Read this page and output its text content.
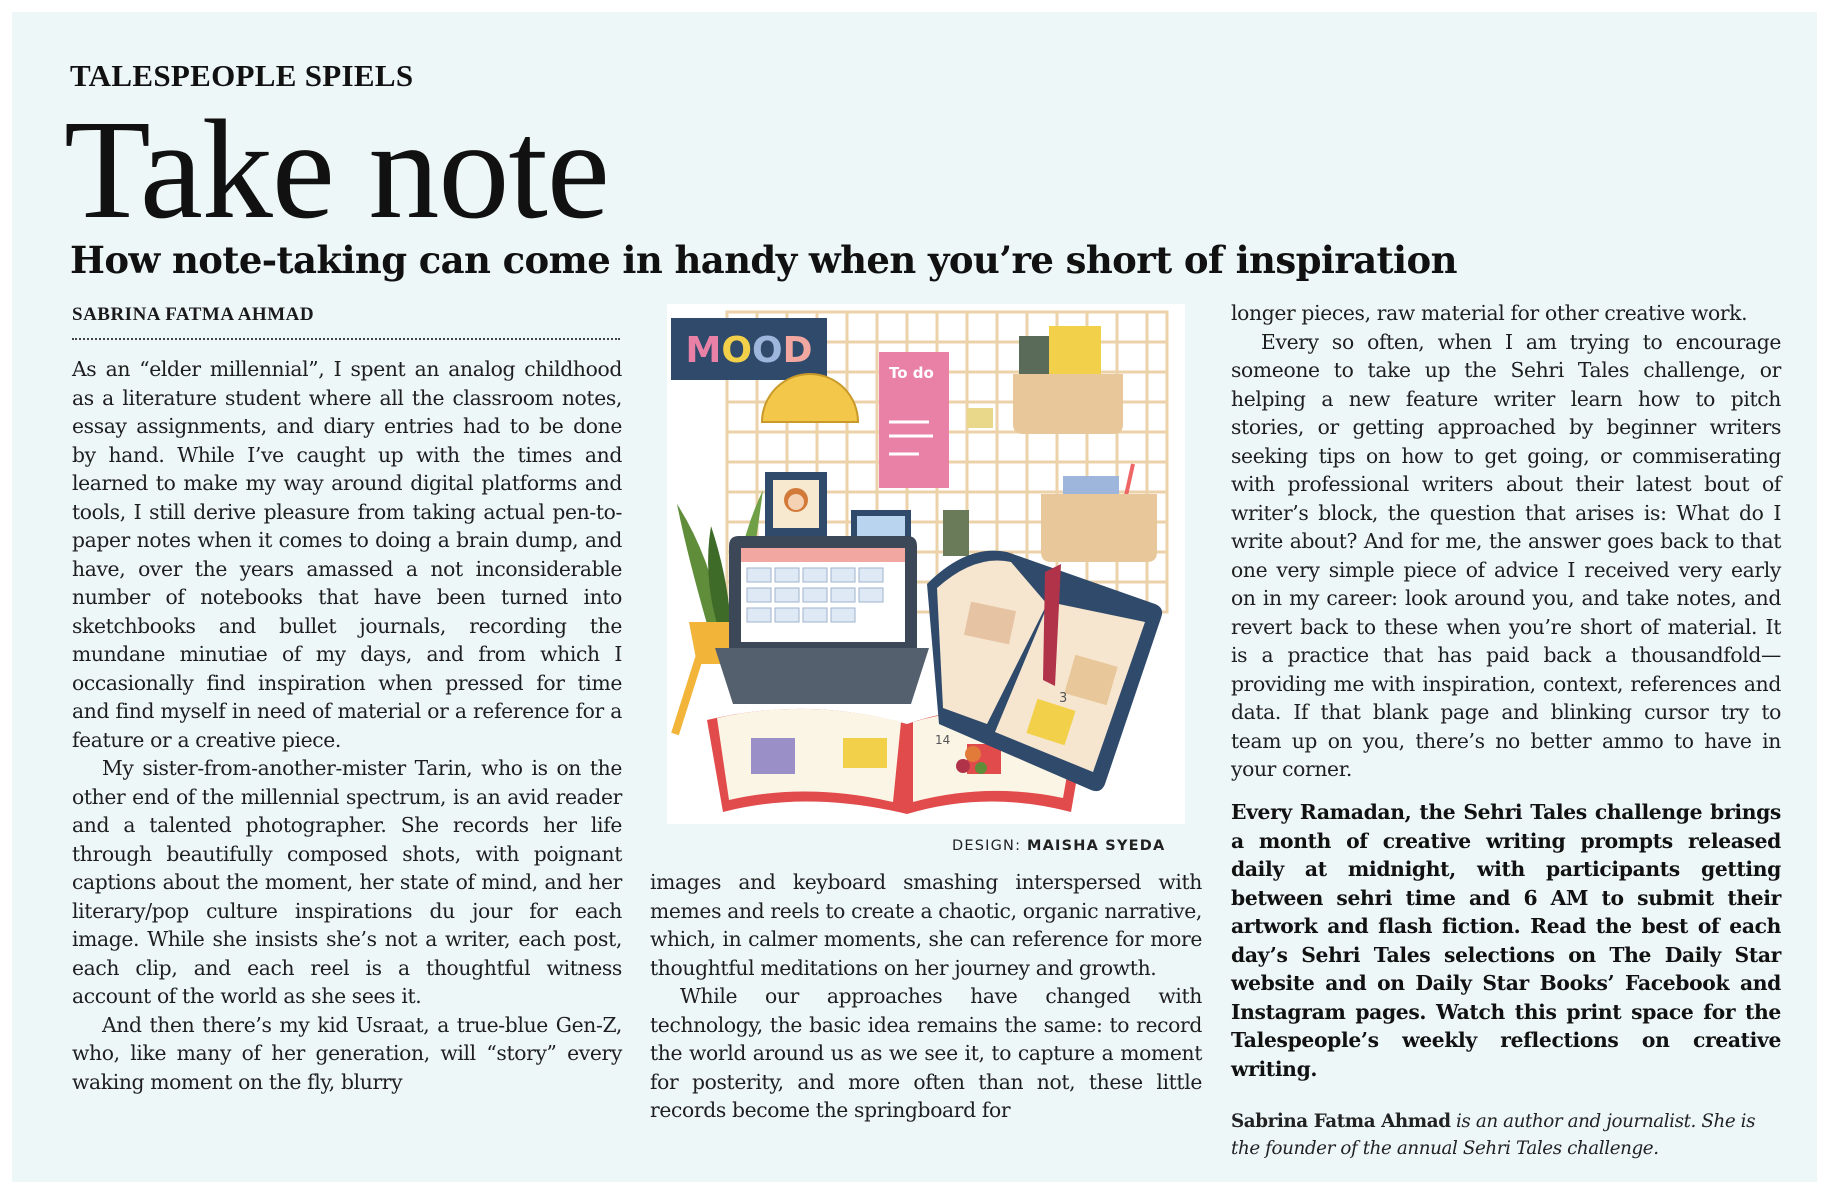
TALESPEOPLE SPIELS
Take note
How note-taking can come in handy when you’re short of inspiration
SABRINA FATMA AHMAD

As an “elder millennial”, I spent an analog childhood as a literature student where all the classroom notes, essay assignments, and diary entries had to be done by hand. While I’ve caught up with the times and learned to make my way around digital platforms and tools, I still derive pleasure from taking actual pen-to-paper notes when it comes to doing a brain dump, and have, over the years amassed a not inconsiderable number of notebooks that have been turned into sketchbooks and bullet journals, recording the mundane minutiae of my days, and from which I occasionally find inspiration when pressed for time and find myself in need of material or a reference for a feature or a creative piece.

My sister-from-another-mister Tarin, who is on the other end of the millennial spectrum, is an avid reader and a talented photographer. She records her life through beautifully composed shots, with poignant captions about the moment, her state of mind, and her literary/pop culture inspirations du jour for each image. While she insists she’s not a writer, each post, each clip, and each reel is a thoughtful witness account of the world as she sees it.

And then there’s my kid Usraat, a true-blue Gen-Z, who, like many of her generation, will “story” every waking moment on the fly, blurry

MOOD
To do
14
3
DESIGN: MAISHA SYEDA

images and keyboard smashing interspersed with memes and reels to create a chaotic, organic narrative, which, in calmer moments, she can reference for more thoughtful meditations on her journey and growth.

While our approaches have changed with technology, the basic idea remains the same: to record the world around us as we see it, to capture a moment for posterity, and more often than not, these little records become the springboard for

longer pieces, raw material for other creative work.

Every so often, when I am trying to encourage someone to take up the Sehri Tales challenge, or helping a new feature writer learn how to pitch stories, or getting approached by beginner writers seeking tips on how to get going, or commiserating with professional writers about their latest bout of writer’s block, the question that arises is: What do I write about? And for me, the answer goes back to that one very simple piece of advice I received very early on in my career: look around you, and take notes, and revert back to these when you’re short of material. It is a practice that has paid back a thousandfold—providing me with inspiration, context, references and data. If that blank page and blinking cursor try to team up on you, there’s no better ammo to have in your corner.

Every Ramadan, the Sehri Tales challenge brings a month of creative writing prompts released daily at midnight, with participants getting between sehri time and 6 AM to submit their artwork and flash fiction. Read the best of each day’s Sehri Tales selections on The Daily Star website and on Daily Star Books’ Facebook and Instagram pages. Watch this print space for the Talespeople’s weekly reflections on creative writing.
Sabrina Fatma Ahmad is an author and journalist. She is the founder of the annual Sehri Tales challenge.
